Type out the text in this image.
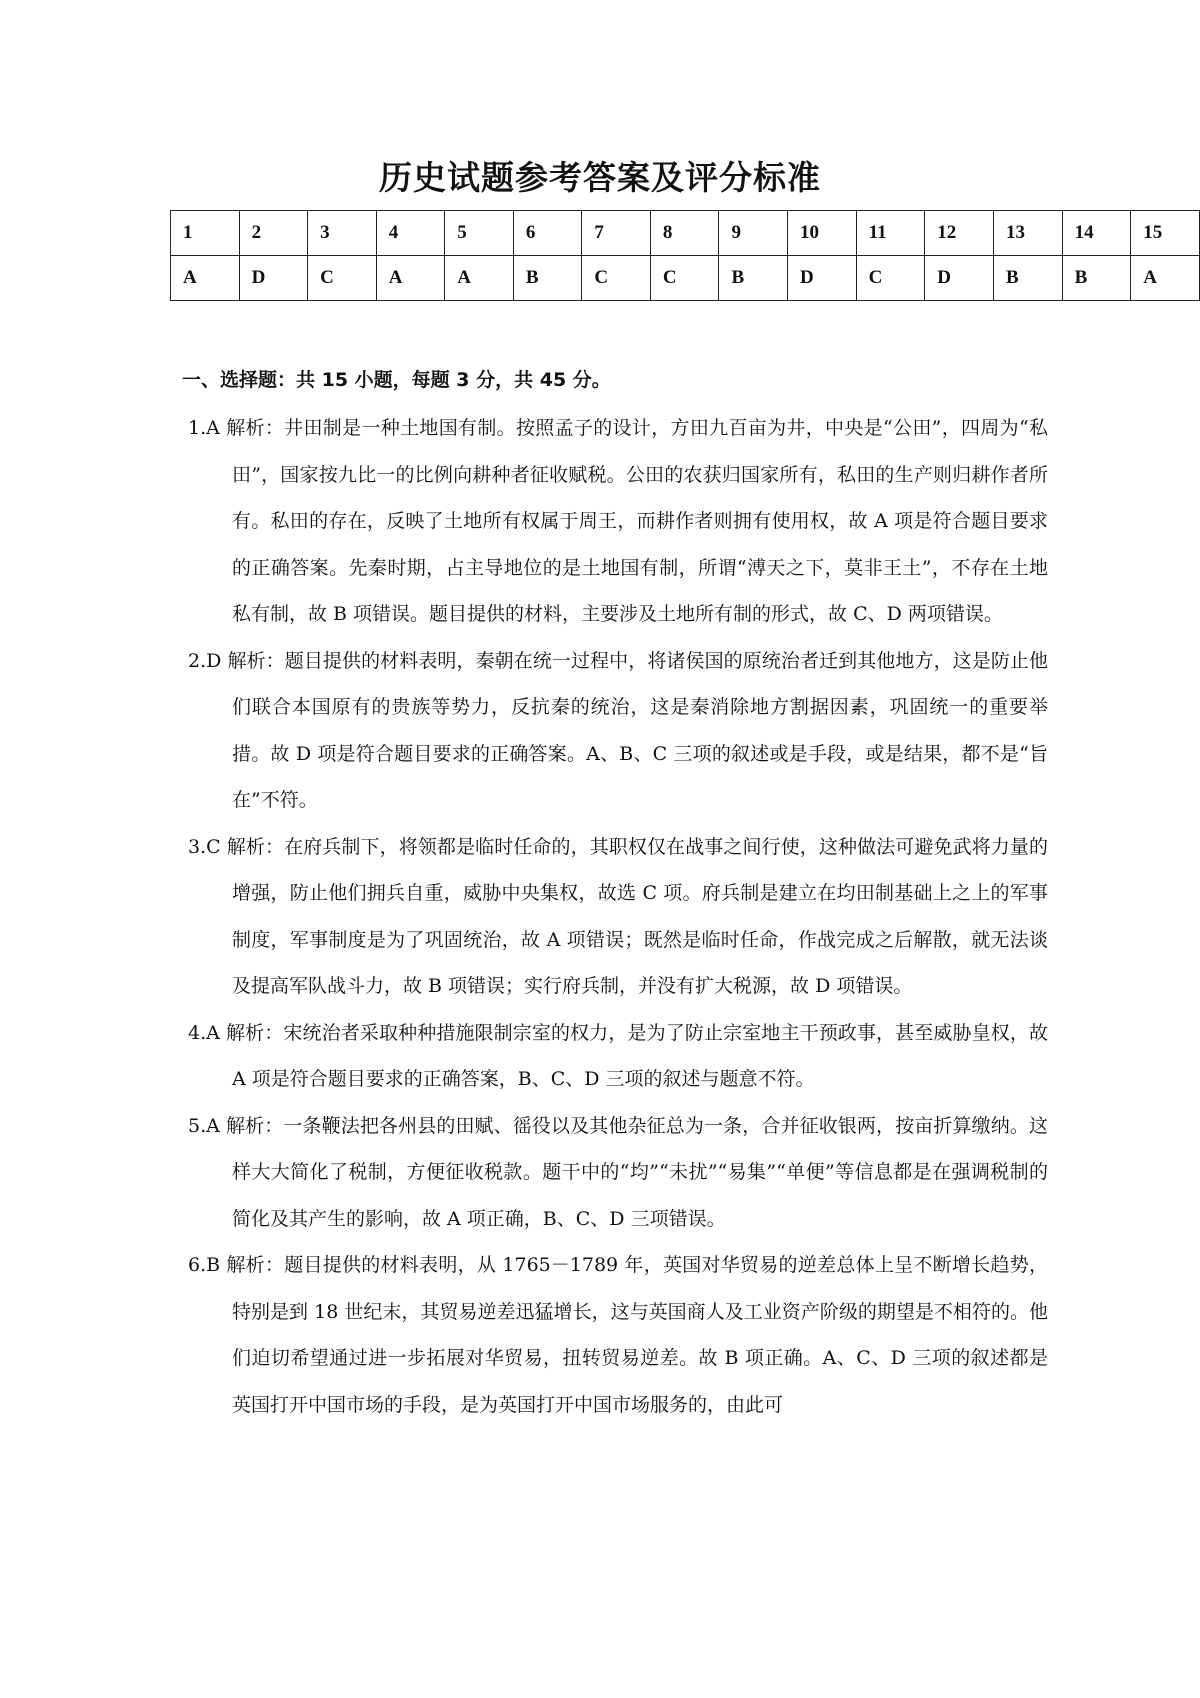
历史试题参考答案及评分标准
1	2	3	4	5	6	7	8	9	10	11	12	13	14	15
A	D	C	A	A	B	C	C	B	D	C	D	B	B	A
一、选择题：共 15 小题，每题 3 分，共 45 分。
1.A 解析：井田制是一种土地国有制。按照孟子的设计，方田九百亩为井，中央是“公田”，四周为“私田”，国家按九比一的比例向耕种者征收赋税。公田的农获归国家所有，私田的生产则归耕作者所有。私田的存在，反映了土地所有权属于周王，而耕作者则拥有使用权，故 A 项是符合题目要求的正确答案。先秦时期，占主导地位的是土地国有制，所谓“溥天之下，莫非王土”，不存在土地私有制，故 B 项错误。题目提供的材料，主要涉及土地所有制的形式，故 C、D 两项错误。
2.D 解析：题目提供的材料表明，秦朝在统一过程中，将诸侯国的原统治者迁到其他地方，这是防止他们联合本国原有的贵族等势力，反抗秦的统治，这是秦消除地方割据因素，巩固统一的重要举措。故 D 项是符合题目要求的正确答案。A、B、C 三项的叙述或是手段，或是结果，都不是“旨在”不符。
3.C 解析：在府兵制下，将领都是临时任命的，其职权仅在战事之间行使，这种做法可避免武将力量的增强，防止他们拥兵自重，威胁中央集权，故选 C 项。府兵制是建立在均田制基础上之上的军事制度，军事制度是为了巩固统治，故 A 项错误；既然是临时任命，作战完成之后解散，就无法谈及提高军队战斗力，故 B 项错误；实行府兵制，并没有扩大税源，故 D 项错误。
4.A 解析：宋统治者采取种种措施限制宗室的权力，是为了防止宗室地主干预政事，甚至威胁皇权，故 A 项是符合题目要求的正确答案，B、C、D 三项的叙述与题意不符。
5.A 解析：一条鞭法把各州县的田赋、徭役以及其他杂征总为一条，合并征收银两，按亩折算缴纳。这样大大简化了税制，方便征收税款。题干中的“均”“未扰”“易集”“单便”等信息都是在强调税制的简化及其产生的影响，故 A 项正确，B、C、D 三项错误。
6.B 解析：题目提供的材料表明，从 1765－1789 年，英国对华贸易的逆差总体上呈不断增长趋势，特别是到 18 世纪末，其贸易逆差迅猛增长，这与英国商人及工业资产阶级的期望是不相符的。他们迫切希望通过进一步拓展对华贸易，扭转贸易逆差。故 B 项正确。A、C、D 三项的叙述都是英国打开中国市场的手段，是为英国打开中国市场服务的，由此可
